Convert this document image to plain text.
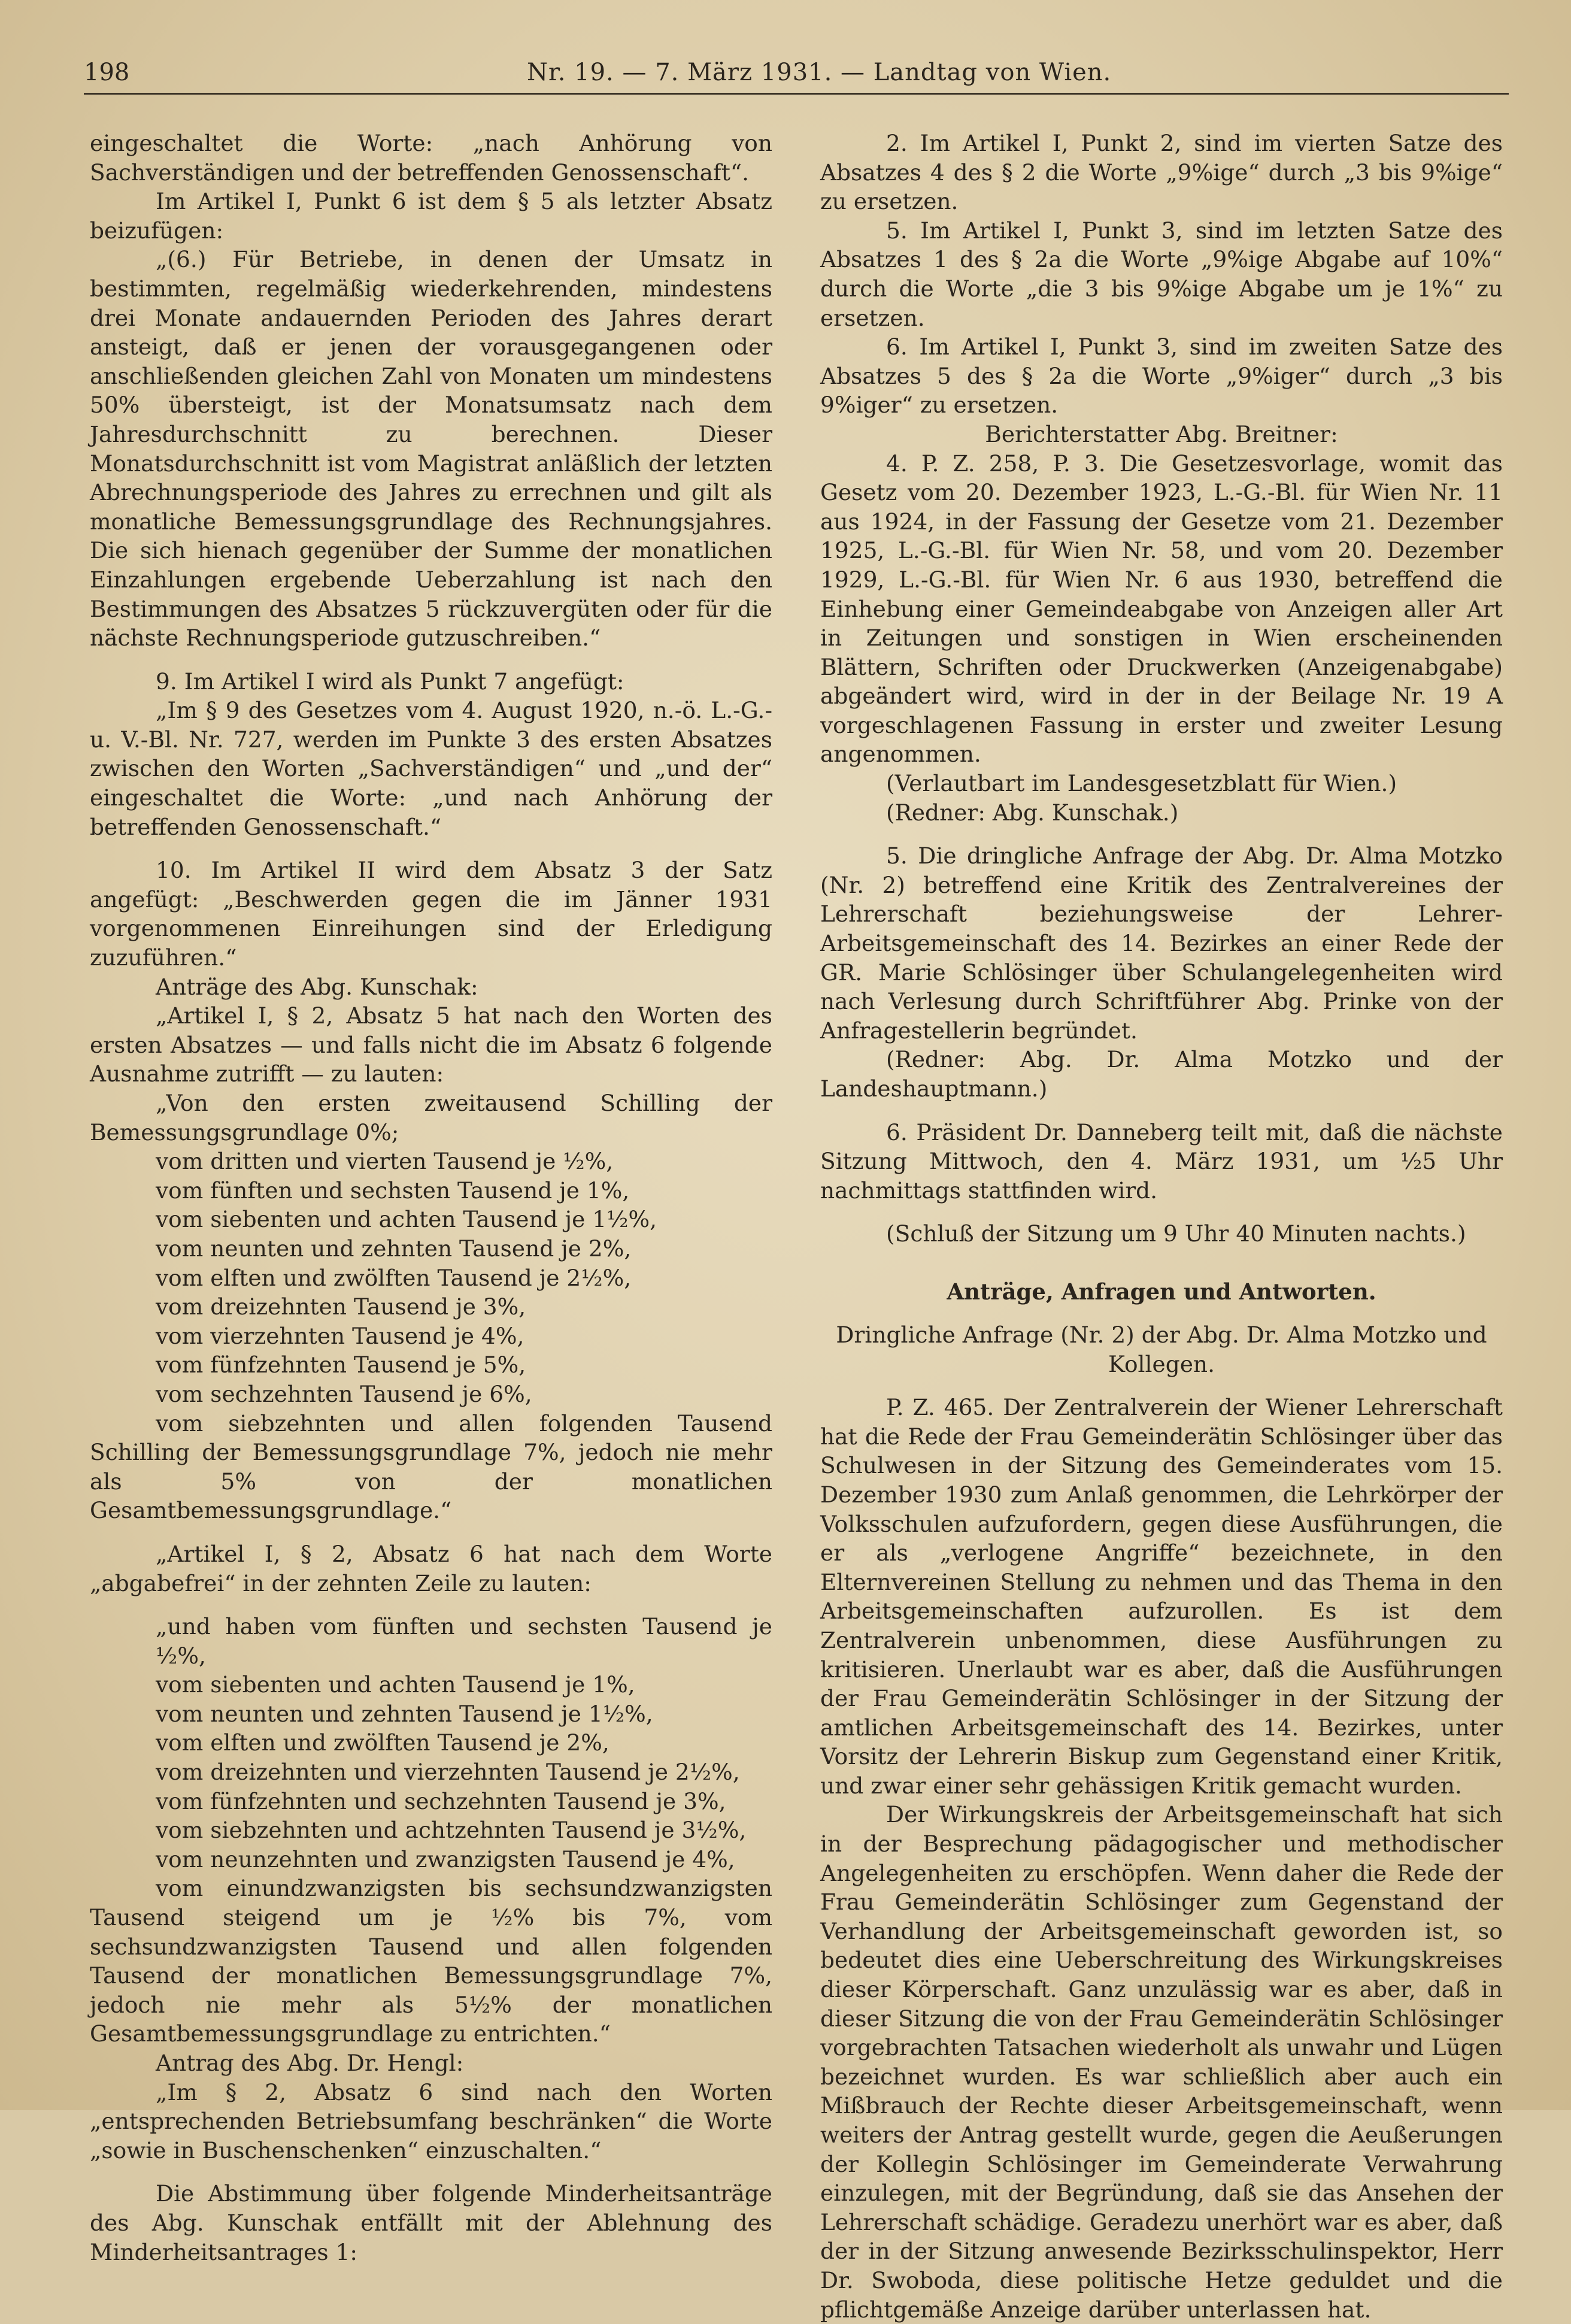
198	Nr. 19. — 7. März 1931. — Landtag von Wien.

eingeschaltet die Worte: „nach Anhörung von Sachverständigen und der betreffenden Genossenschaft“.

Im Artikel I, Punkt 6 ist dem § 5 als letzter Absatz beizufügen:

„(6.) Für Betriebe, in denen der Umsatz in bestimmten, regelmäßig wiederkehrenden, mindestens drei Monate andauernden Perioden des Jahres derart ansteigt, daß er jenen der vorausgegangenen oder anschließenden gleichen Zahl von Monaten um mindestens 50% übersteigt, ist der Monatsumsatz nach dem Jahresdurchschnitt zu berechnen. Dieser Monatsdurchschnitt ist vom Magistrat anläßlich der letzten Abrechnungsperiode des Jahres zu errechnen und gilt als monatliche Bemessungsgrundlage des Rechnungsjahres. Die sich hienach gegenüber der Summe der monatlichen Einzahlungen ergebende Ueberzahlung ist nach den Bestimmungen des Absatzes 5 rückzuvergüten oder für die nächste Rechnungsperiode gutzuschreiben.“

9. Im Artikel I wird als Punkt 7 angefügt:

„Im § 9 des Gesetzes vom 4. August 1920, n.-ö. L.-G.- u. V.-Bl. Nr. 727, werden im Punkte 3 des ersten Absatzes zwischen den Worten „Sachverständigen“ und „und der“ eingeschaltet die Worte: „und nach Anhörung der betreffenden Genossenschaft.“

10. Im Artikel II wird dem Absatz 3 der Satz angefügt: „Beschwerden gegen die im Jänner 1931 vorgenommenen Einreihungen sind der Erledigung zuzuführen.“

Anträge des Abg. Kunschak:

„Artikel I, § 2, Absatz 5 hat nach den Worten des ersten Absatzes — und falls nicht die im Absatz 6 folgende Ausnahme zutrifft — zu lauten:

„Von den ersten zweitausend Schilling der Bemessungsgrundlage 0%;

vom dritten und vierten Tausend je ½%,

vom fünften und sechsten Tausend je 1%,

vom siebenten und achten Tausend je 1½%,

vom neunten und zehnten Tausend je 2%,

vom elften und zwölften Tausend je 2½%,

vom dreizehnten Tausend je 3%,

vom vierzehnten Tausend je 4%,

vom fünfzehnten Tausend je 5%,

vom sechzehnten Tausend je 6%,

vom siebzehnten und allen folgenden Tausend Schilling der Bemessungsgrundlage 7%, jedoch nie mehr als 5% von der monatlichen Gesamtbemessungsgrundlage.“

„Artikel I, § 2, Absatz 6 hat nach dem Worte „abgabefrei“ in der zehnten Zeile zu lauten:

„und haben vom fünften und sechsten Tausend je ½%,

vom siebenten und achten Tausend je 1%,

vom neunten und zehnten Tausend je 1½%,

vom elften und zwölften Tausend je 2%,

vom dreizehnten und vierzehnten Tausend je 2½%,

vom fünfzehnten und sechzehnten Tausend je 3%,

vom siebzehnten und achtzehnten Tausend je 3½%,

vom neunzehnten und zwanzigsten Tausend je 4%,

vom einundzwanzigsten bis sechsundzwanzigsten Tausend steigend um je ½% bis 7%, vom sechsundzwanzigsten Tausend und allen folgenden Tausend der monatlichen Bemessungsgrundlage 7%, jedoch nie mehr als 5½% der monatlichen Gesamtbemessungsgrundlage zu entrichten.“

Antrag des Abg. Dr. Hengl:

„Im § 2, Absatz 6 sind nach den Worten „entsprechenden Betriebsumfang beschränken“ die Worte „sowie in Buschenschenken“ einzuschalten.“

Die Abstimmung über folgende Minderheitsanträge des Abg. Kunschak entfällt mit der Ablehnung des Minderheitsantrages 1:

2. Im Artikel I, Punkt 2, sind im vierten Satze des Absatzes 4 des § 2 die Worte „9%ige“ durch „3 bis 9%ige“ zu ersetzen.

5. Im Artikel I, Punkt 3, sind im letzten Satze des Absatzes 1 des § 2a die Worte „9%ige Abgabe auf 10%“ durch die Worte „die 3 bis 9%ige Abgabe um je 1%“ zu ersetzen.

6. Im Artikel I, Punkt 3, sind im zweiten Satze des Absatzes 5 des § 2a die Worte „9%iger“ durch „3 bis 9%iger“ zu ersetzen.

Berichterstatter Abg. Breitner:

4. P. Z. 258, P. 3. Die Gesetzesvorlage, womit das Gesetz vom 20. Dezember 1923, L.-G.-Bl. für Wien Nr. 11 aus 1924, in der Fassung der Gesetze vom 21. Dezember 1925, L.-G.-Bl. für Wien Nr. 58, und vom 20. Dezember 1929, L.-G.-Bl. für Wien Nr. 6 aus 1930, betreffend die Einhebung einer Gemeindeabgabe von Anzeigen aller Art in Zeitungen und sonstigen in Wien erscheinenden Blättern, Schriften oder Druckwerken (Anzeigenabgabe) abgeändert wird, wird in der in der Beilage Nr. 19 A vorgeschlagenen Fassung in erster und zweiter Lesung angenommen.

(Verlautbart im Landesgesetzblatt für Wien.)

(Redner: Abg. Kunschak.)

5. Die dringliche Anfrage der Abg. Dr. Alma Motzko (Nr. 2) betreffend eine Kritik des Zentralvereines der Lehrerschaft beziehungsweise der Lehrer-Arbeitsgemeinschaft des 14. Bezirkes an einer Rede der GR. Marie Schlösinger über Schulangelegenheiten wird nach Verlesung durch Schriftführer Abg. Prinke von der Anfragestellerin begründet.

(Redner: Abg. Dr. Alma Motzko und der Landeshauptmann.)

6. Präsident Dr. Danneberg teilt mit, daß die nächste Sitzung Mittwoch, den 4. März 1931, um ½5 Uhr nachmittags stattfinden wird.

(Schluß der Sitzung um 9 Uhr 40 Minuten nachts.)

Anträge, Anfragen und Antworten.

Dringliche Anfrage (Nr. 2) der Abg. Dr. Alma Motzko und Kollegen.

P. Z. 465. Der Zentralverein der Wiener Lehrerschaft hat die Rede der Frau Gemeinderätin Schlösinger über das Schulwesen in der Sitzung des Gemeinderates vom 15. Dezember 1930 zum Anlaß genommen, die Lehrkörper der Volksschulen aufzufordern, gegen diese Ausführungen, die er als „verlogene Angriffe“ bezeichnete, in den Elternvereinen Stellung zu nehmen und das Thema in den Arbeitsgemeinschaften aufzurollen. Es ist dem Zentralverein unbenommen, diese Ausführungen zu kritisieren. Unerlaubt war es aber, daß die Ausführungen der Frau Gemeinderätin Schlösinger in der Sitzung der amtlichen Arbeitsgemeinschaft des 14. Bezirkes, unter Vorsitz der Lehrerin Biskup zum Gegenstand einer Kritik, und zwar einer sehr gehässigen Kritik gemacht wurden.

Der Wirkungskreis der Arbeitsgemeinschaft hat sich in der Besprechung pädagogischer und methodischer Angelegenheiten zu erschöpfen. Wenn daher die Rede der Frau Gemeinderätin Schlösinger zum Gegenstand der Verhandlung der Arbeitsgemeinschaft geworden ist, so bedeutet dies eine Ueberschreitung des Wirkungskreises dieser Körperschaft. Ganz unzulässig war es aber, daß in dieser Sitzung die von der Frau Gemeinderätin Schlösinger vorgebrachten Tatsachen wiederholt als unwahr und Lügen bezeichnet wurden. Es war schließlich aber auch ein Mißbrauch der Rechte dieser Arbeitsgemeinschaft, wenn weiters der Antrag gestellt wurde, gegen die Aeußerungen der Kollegin Schlösinger im Gemeinderate Verwahrung einzulegen, mit der Begründung, daß sie das Ansehen der Lehrerschaft schädige. Geradezu unerhört war es aber, daß der in der Sitzung anwesende Bezirksschulinspektor, Herr Dr. Swoboda, diese politische Hetze geduldet und die pflichtgemäße Anzeige darüber unterlassen hat.
